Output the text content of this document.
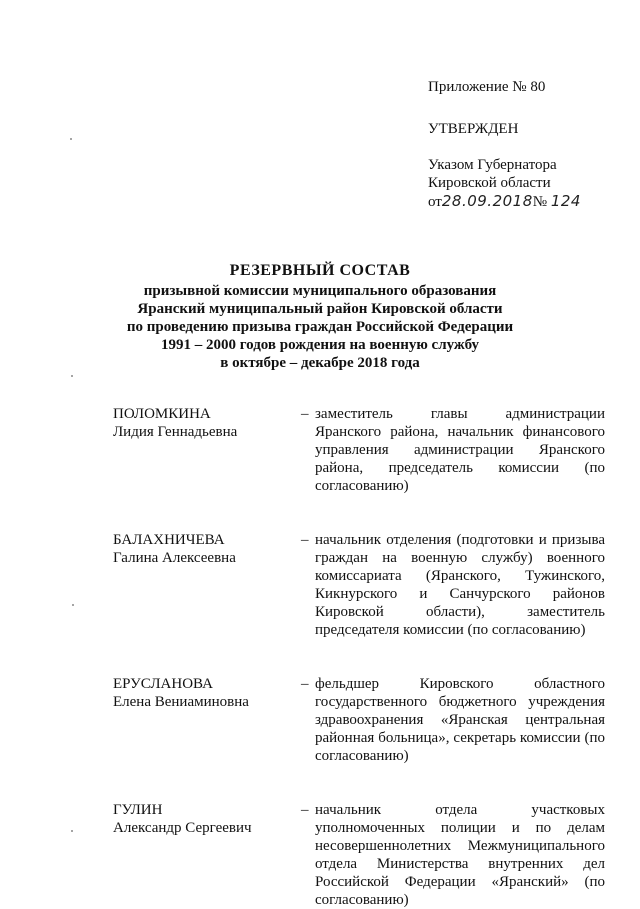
Приложение № 80
УТВЕРЖДЕН
Указом Губернатора
Кировской области
от28.09.2018№ 124
РЕЗЕРВНЫЙ СОСТАВ
призывной комиссии муниципального образования
Яранский муниципальный район Кировской области
по проведению призыва граждан Российской Федерации
1991 – 2000 годов рождения на военную службу
в октябре – декабре 2018 года
ПОЛОМКИНА
Лидия Геннадьевна
– заместитель главы администрации Яранского района, начальник финансового управления администрации Яранского района, председатель комиссии (по согласованию)
БАЛАХНИЧЕВА
Галина Алексеевна
– начальник отделения (подготовки и призыва граждан на военную службу) военного комиссариата (Яранского, Тужинского, Кикнурского и Санчурского районов Кировской области), заместитель председателя комиссии (по согласованию)
ЕРУСЛАНОВА
Елена Вениаминовна
– фельдшер Кировского областного государственного бюджетного учреждения здравоохранения «Яранская центральная районная больница», секретарь комиссии (по согласованию)
ГУЛИН
Александр Сергеевич
– начальник отдела участковых уполномоченных полиции и по делам несовершеннолетних Межмуниципального отдела Министерства внутренних дел Российской Федерации «Яранский» (по согласованию)
